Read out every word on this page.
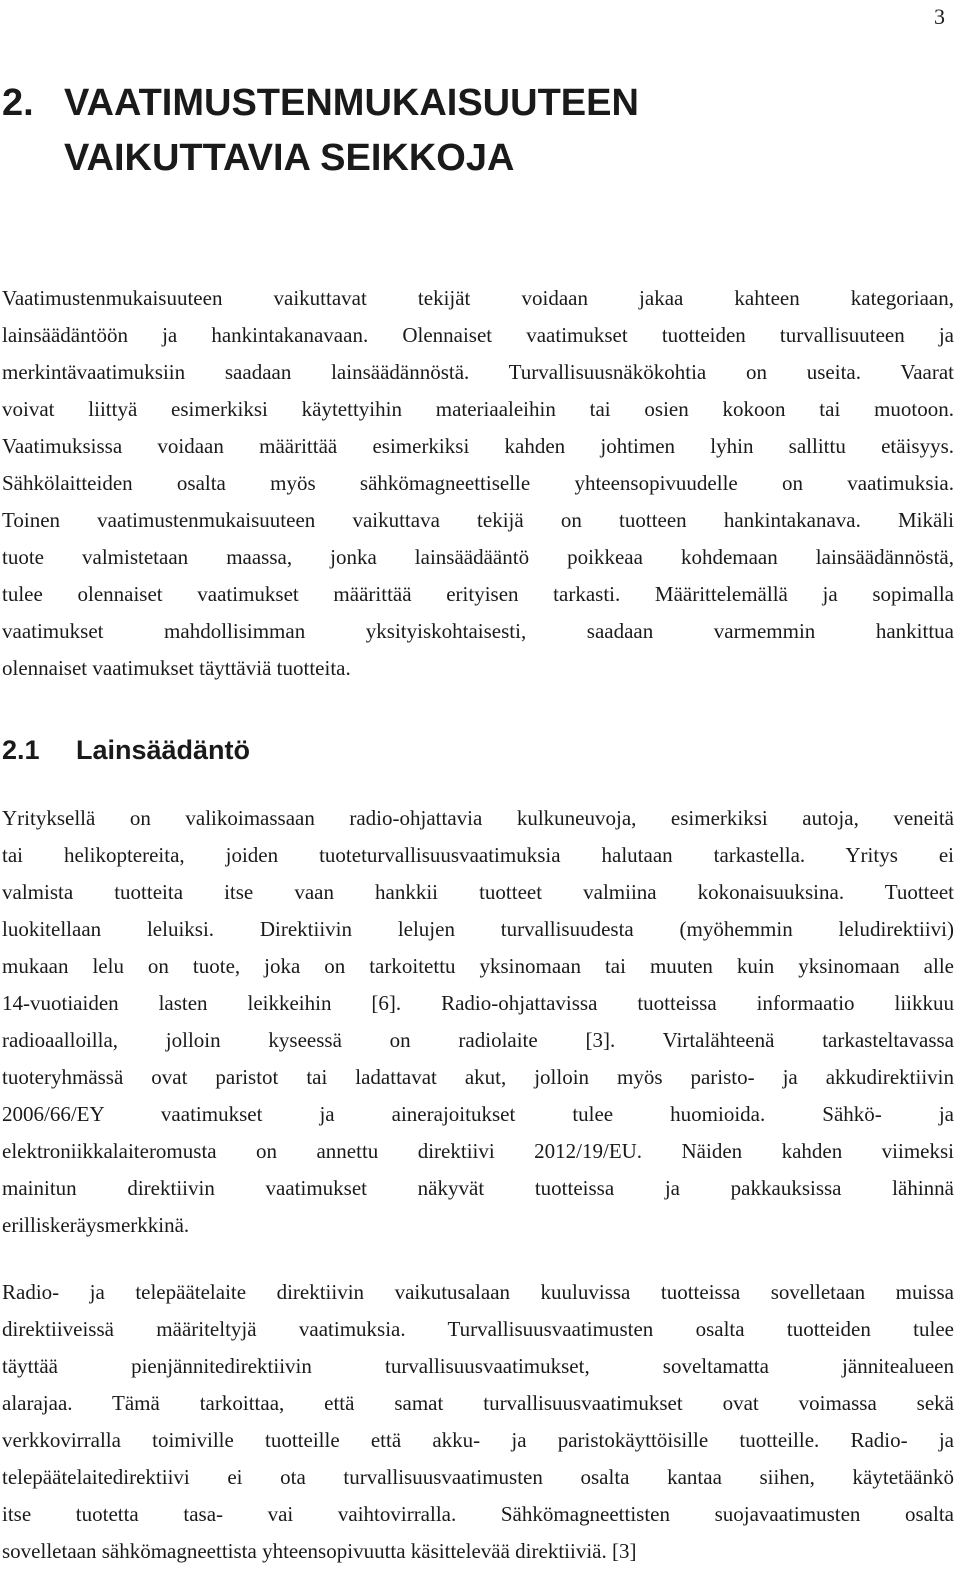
3
2. VAATIMUSTENMUKAISUUTEEN
VAIKUTTAVIA SEIKKOJA

Vaatimustenmukaisuuteen vaikuttavat tekijät voidaan jakaa kahteen kategoriaan,
lainsäädäntöön ja hankintakanavaan. Olennaiset vaatimukset tuotteiden turvallisuuteen ja
merkintävaatimuksiin saadaan lainsäädännöstä. Turvallisuusnäkökohtia on useita. Vaarat
voivat liittyä esimerkiksi käytettyihin materiaaleihin tai osien kokoon tai muotoon.
Vaatimuksissa voidaan määrittää esimerkiksi kahden johtimen lyhin sallittu etäisyys.
Sähkölaitteiden osalta myös sähkömagneettiselle yhteensopivuudelle on vaatimuksia.
Toinen vaatimustenmukaisuuteen vaikuttava tekijä on tuotteen hankintakanava. Mikäli
tuote valmistetaan maassa, jonka lainsäädääntö poikkeaa kohdemaan lainsäädännöstä,
tulee olennaiset vaatimukset määrittää erityisen tarkasti. Määrittelemällä ja sopimalla
vaatimukset mahdollisimman yksityiskohtaisesti, saadaan varmemmin hankittua
olennaiset vaatimukset täyttäviä tuotteita.

2.1 Lainsäädäntö

Yrityksellä on valikoimassaan radio-ohjattavia kulkuneuvoja, esimerkiksi autoja, veneitä
tai helikoptereita, joiden tuoteturvallisuusvaatimuksia halutaan tarkastella. Yritys ei
valmista tuotteita itse vaan hankkii tuotteet valmiina kokonaisuuksina. Tuotteet
luokitellaan leluiksi. Direktiivin lelujen turvallisuudesta (myöhemmin leludirektiivi)
mukaan lelu on tuote, joka on tarkoitettu yksinomaan tai muuten kuin yksinomaan alle
14-vuotiaiden lasten leikkeihin [6]. Radio-ohjattavissa tuotteissa informaatio liikkuu
radioaalloilla, jolloin kyseessä on radiolaite [3]. Virtalähteenä tarkasteltavassa
tuoteryhmässä ovat paristot tai ladattavat akut, jolloin myös paristo- ja akkudirektiivin
2006/66/EY vaatimukset ja ainerajoitukset tulee huomioida. Sähkö- ja
elektroniikkalaiteromusta on annettu direktiivi 2012/19/EU. Näiden kahden viimeksi
mainitun direktiivin vaatimukset näkyvät tuotteissa ja pakkauksissa lähinnä
erilliskeräysmerkkinä.

Radio- ja telepäätelaite direktiivin vaikutusalaan kuuluvissa tuotteissa sovelletaan muissa
direktiiveissä määriteltyjä vaatimuksia. Turvallisuusvaatimusten osalta tuotteiden tulee
täyttää pienjännitedirektiivin turvallisuusvaatimukset, soveltamatta jännitealueen
alarajaa. Tämä tarkoittaa, että samat turvallisuusvaatimukset ovat voimassa sekä
verkkovirralla toimiville tuotteille että akku- ja paristokäyttöisille tuotteille. Radio- ja
telepäätelaitedirektiivi ei ota turvallisuusvaatimusten osalta kantaa siihen, käytetäänkö
itse tuotetta tasa- vai vaihtovirralla. Sähkömagneettisten suojavaatimusten osalta
sovelletaan sähkömagneettista yhteensopivuutta käsittelevää direktiiviä. [3]
